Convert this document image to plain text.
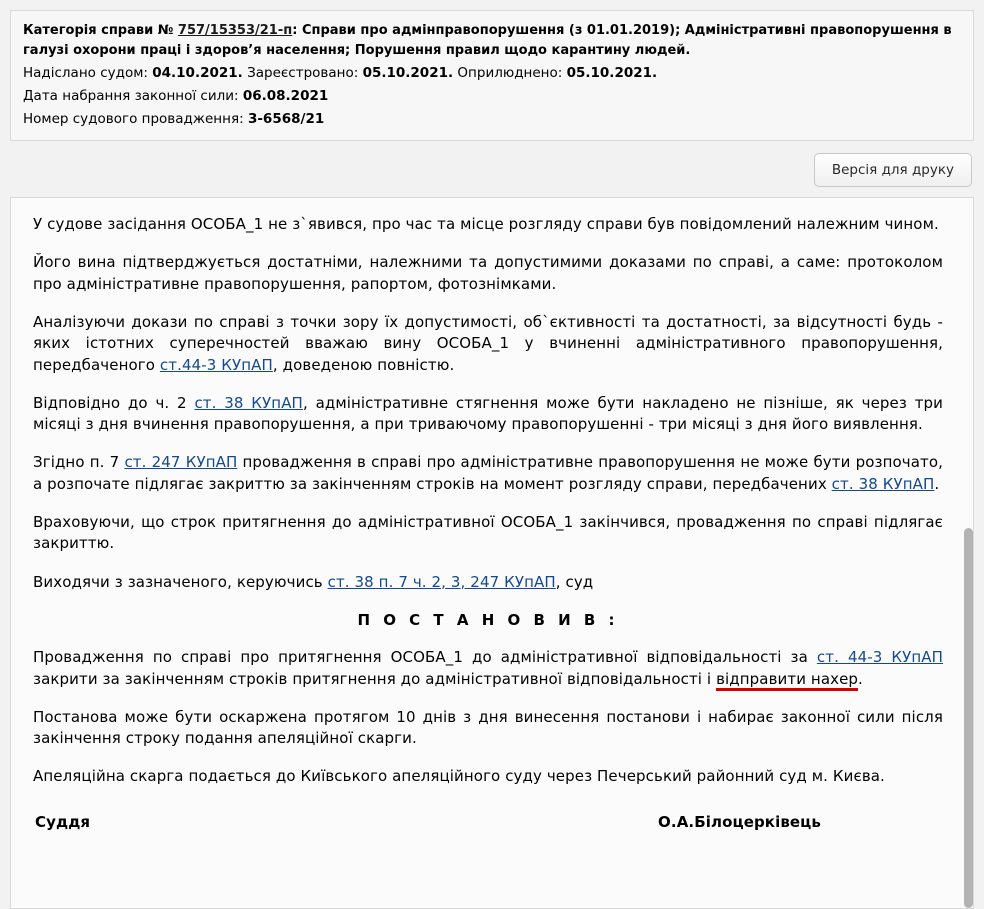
Категорія справи № 757/15353/21-п: Справи про адмінправопорушення (з 01.01.2019); Адміністративні правопорушення в галузі охорони праці і здоров’я населення; Порушення правил щодо карантину людей.
Надіслано судом: 04.10.2021. Зареєстровано: 05.10.2021. Оприлюднено: 05.10.2021.
Дата набрання законної сили: 06.08.2021
Номер судового провадження: 3-6568/21
Версія для друку

У судове засідання ОСОБА_1 не з`явився, про час та місце розгляду справи був повідомлений належним чином.

Його вина підтверджується достатніми, належними та допустимими доказами по справі, а саме: протоколом про адміністративне правопорушення, рапортом, фотознімками.

Аналізуючи докази по справі з точки зору їх допустимості, об`єктивності та достатності, за відсутності будь - яких істотних суперечностей вважаю вину ОСОБА_1 у вчиненні адміністративного правопорушення, передбаченого ст.44-3 КУпАП, доведеною повністю.

Відповідно до ч. 2 ст. 38 КУпАП, адміністративне стягнення може бути накладено не пізніше, як через три місяці з дня вчинення правопорушення, а при триваючому правопорушенні - три місяці з дня його виявлення.

Згідно п. 7 ст. 247 КУпАП провадження в справі про адміністративне правопорушення не може бути розпочато, а розпочате підлягає закриттю за закінченням строків на момент розгляду справи, передбачених ст. 38 КУпАП.

Враховуючи, що строк притягнення до адміністративної ОСОБА_1 закінчився, провадження по справі підлягає закриттю.

Виходячи з зазначеного, керуючись ст. 38 п. 7 ч. 2, 3, 247 КУпАП, суд

П О С Т А Н О В И В :

Провадження по справі про притягнення ОСОБА_1 до адміністративної відповідальності за ст. 44-3 КУпАП закрити за закінченням строків притягнення до адміністративної відповідальності і відправити нахер.

Постанова може бути оскаржена протягом 10 днів з дня винесення постанови і набирає законної сили після закінчення строку подання апеляційної скарги.

Апеляційна скарга подається до Київського апеляційного суду через Печерський районний суд м. Києва.

Суддя	О.А.Білоцерківець
